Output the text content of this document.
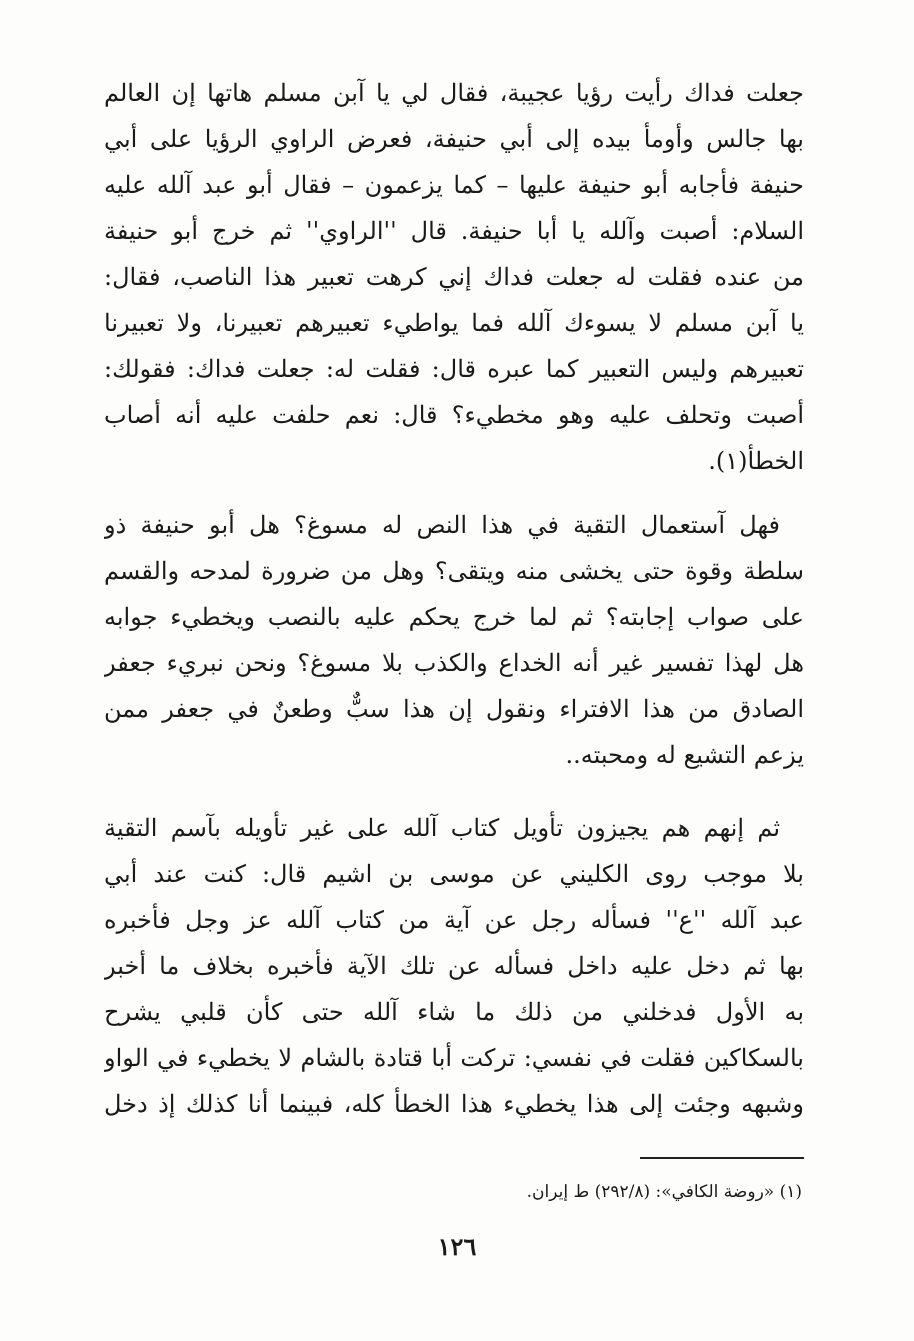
جعلت فداك رأيت رؤيا عجيبة، فقال لي يا آبن مسلم هاتها إن العالم
بها جالس وأومأ بيده إلى أبي حنيفة، فعرض الراوي الرؤيا على أبي
حنيفة فأجابه أبو حنيفة عليها – كما يزعمون – فقال أبو عبد آلله عليه
السلام: أصبت وآلله يا أبا حنيفة. قال ''الراوي'' ثم خرج أبو حنيفة
من عنده فقلت له جعلت فداك إني كرهت تعبير هذا الناصب، فقال:
يا آبن مسلم لا يسوءك آلله فما يواطيء تعبيرهم تعبيرنا، ولا تعبيرنا
تعبيرهم وليس التعبير كما عبره قال: فقلت له: جعلت فداك: فقولك:
أصبت وتحلف عليه وهو مخطيء؟ قال: نعم حلفت عليه أنه أصاب
الخطأ(١).
فهل آستعمال التقية في هذا النص له مسوغ؟ هل أبو حنيفة ذو
سلطة وقوة حتى يخشى منه ويتقى؟ وهل من ضرورة لمدحه والقسم
على صواب إجابته؟ ثم لما خرج يحكم عليه بالنصب ويخطيء جوابه
هل لهذا تفسير غير أنه الخداع والكذب بلا مسوغ؟ ونحن نبريء جعفر
الصادق من هذا الافتراء ونقول إن هذا سبٌّ وطعنٌ في جعفر ممن
يزعم التشيع له ومحبته..
ثم إنهم هم يجيزون تأويل كتاب آلله على غير تأويله بآسم التقية
بلا موجب روى الكليني عن موسى بن اشيم قال: كنت عند أبي
عبد آلله ''ع'' فسأله رجل عن آية من كتاب آلله عز وجل فأخبره
بها ثم دخل عليه داخل فسأله عن تلك الآية فأخبره بخلاف ما أخبر
به الأول فدخلني من ذلك ما شاء آلله حتى كأن قلبي يشرح
بالسكاكين فقلت في نفسي: تركت أبا قتادة بالشام لا يخطيء في الواو
وشبهه وجئت إلى هذا يخطيء هذا الخطأ كله، فبينما أنا كذلك إذ دخل
(١) «روضة الكافي»: (٢٩٢/٨) ط إيران.
١٢٦
